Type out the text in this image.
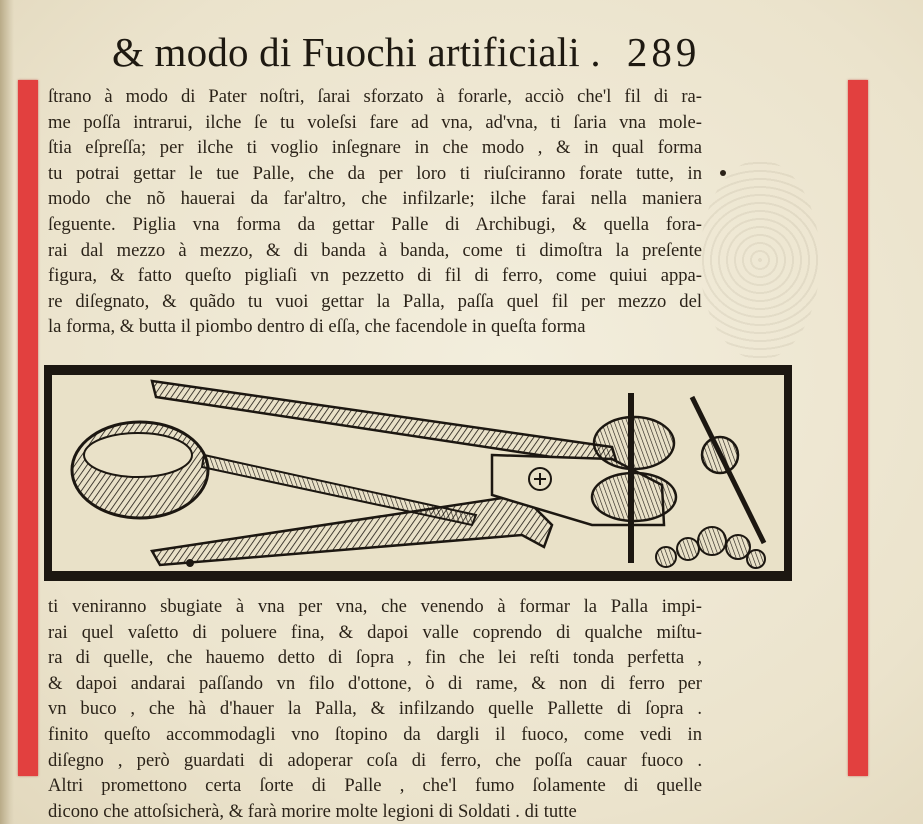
& modo di Fuochi artificiali . 289
ſtrano à modo di Pater noſtri, ſarai sforzato à forarle, acciò che'l fil di ra-
me poſſa intrarui, ilche ſe tu voleſsi fare ad vna, ad'vna, ti ſaria vna mole-
ſtia eſpreſſa; per ilche ti voglio inſegnare in che modo , & in qual forma
tu potrai gettar le tue Palle, che da per loro ti riuſciranno forate tutte, in
modo che nõ hauerai da far'altro, che infilzarle; ilche farai nella maniera
ſeguente. Piglia vna forma da gettar Palle di Archibugi, & quella fora-
rai dal mezzo à mezzo, & di banda à banda, come ti dimoſtra la preſente
figura, & fatto queſto pigliaſi vn pezzetto di fil di ferro, come quiui appa-
re diſegnato, & quãdo tu vuoi gettar la Palla, paſſa quel fil per mezzo del
la forma, & butta il piombo dentro di eſſa, che facendole in queſta forma
ti veniranno sbugiate à vna per vna, che venendo à formar la Palla impi-
rai quel vaſetto di poluere fina, & dapoi valle coprendo di qualche miſtu-
ra di quelle, che hauemo detto di ſopra , fin che lei reſti tonda perfetta ,
& dapoi andarai paſſando vn filo d'ottone, ò di rame, & non di ferro per
vn buco , che hà d'hauer la Palla, & infilzando quelle Pallette di ſopra .
finito queſto accommodagli vno ſtopino da dargli il fuoco, come vedi in
diſegno , però guardati di adoperar coſa di ferro, che poſſa cauar fuoco .
Altri promettono certa ſorte di Palle , che'l fumo ſolamente di quelle
dicono che attoſsicherà, & farà morire molte legioni di Soldati . di tutte
